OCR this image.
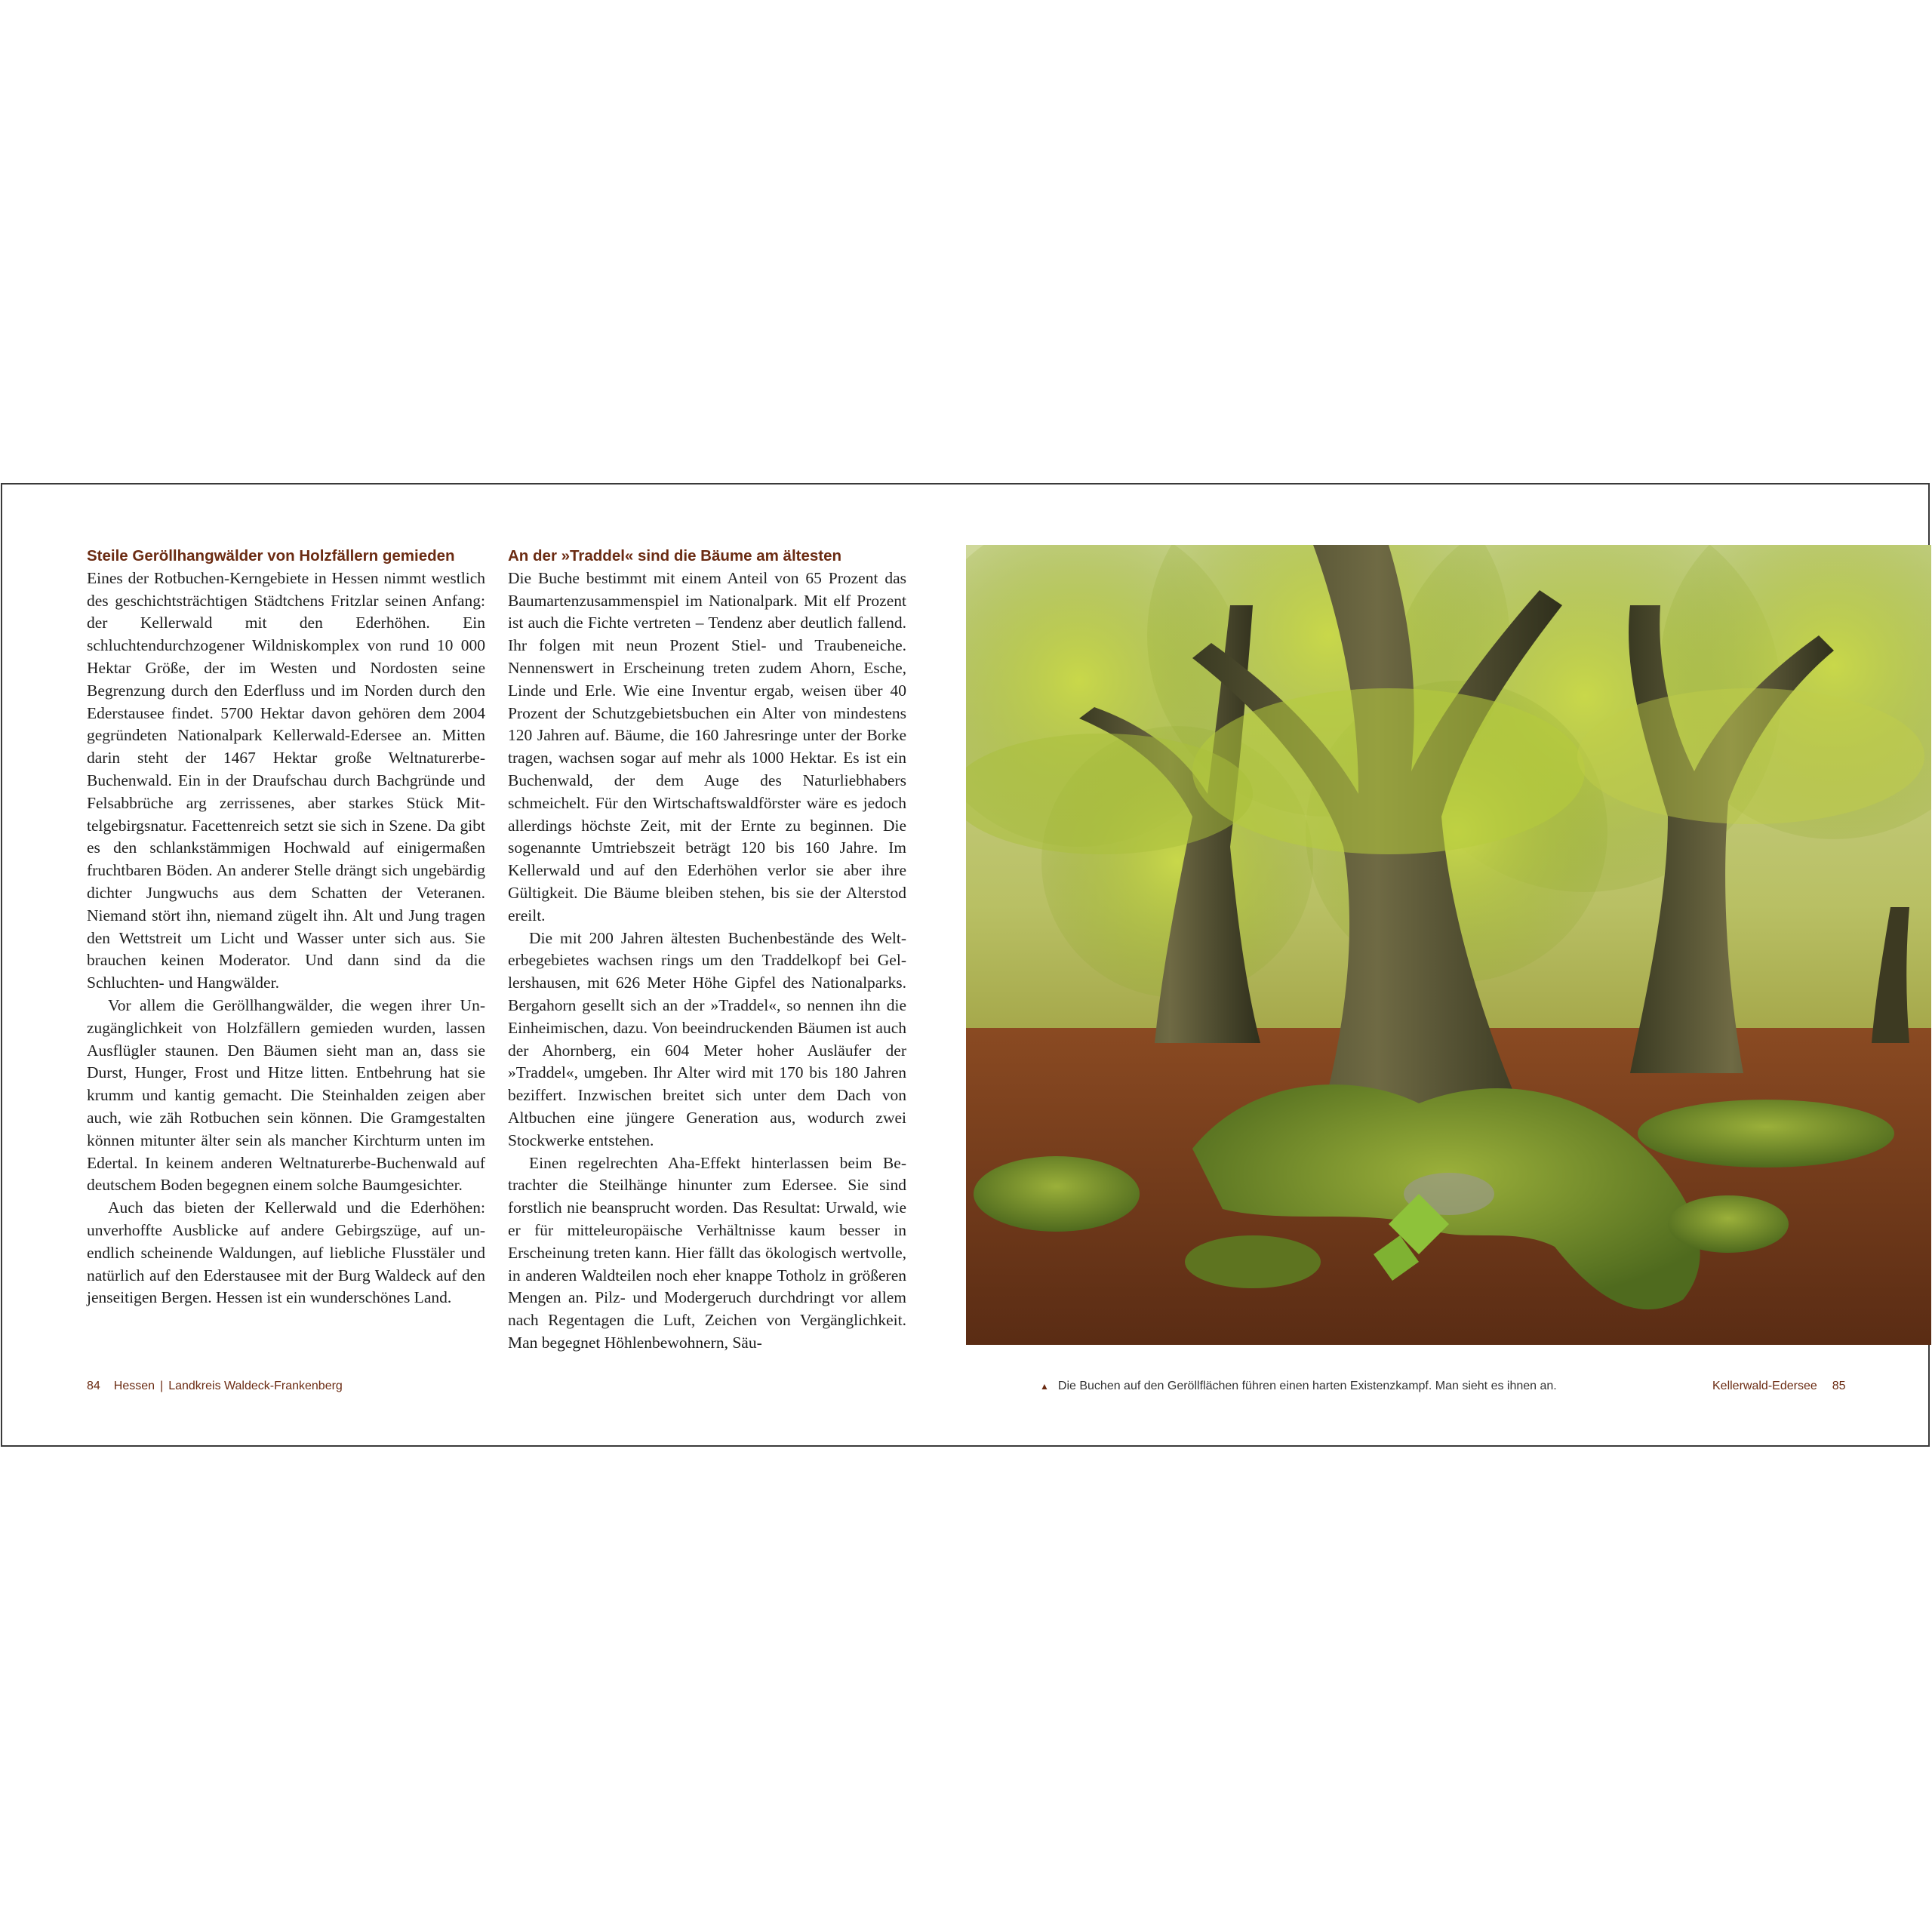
Steile Geröllhangwälder von Holzfällern gemieden

Eines der Rotbuchen-Kerngebiete in Hessen nimmt westlich des geschichtsträchtigen Städtchens Fritzlar seinen Anfang: der Kellerwald mit den Ederhöhen. Ein schluchtendurchzogener Wildniskomplex von rund 10 000 Hektar Größe, der im Westen und Nordosten seine Begrenzung durch den Ederfluss und im Norden durch den Ederstausee findet. 5700 Hektar davon gehören dem 2004 gegründeten Nationalpark Kellerwald-Edersee an. Mitten darin steht der 1467 Hektar große Weltnaturerbe-Buchenwald. Ein in der Draufschau durch Bachgründe und Felsabbrüche arg zerrissenes, aber starkes Stück Mittelgebirgsnatur. Facettenreich setzt sie sich in Szene. Da gibt es den schlankstämmigen Hochwald auf einigermaßen fruchtbaren Böden. An anderer Stelle drängt sich ungebärdig dichter Jungwuchs aus dem Schatten der Veteranen. Niemand stört ihn, niemand zügelt ihn. Alt und Jung tragen den Wettstreit um Licht und Wasser unter sich aus. Sie brauchen keinen Moderator. Und dann sind da die Schluchten- und Hangwälder.

Vor allem die Geröllhangwälder, die wegen ihrer Unzugänglichkeit von Holzfällern gemieden wurden, lassen Ausflügler staunen. Den Bäumen sieht man an, dass sie Durst, Hunger, Frost und Hitze litten. Entbehrung hat sie krumm und kantig gemacht. Die Steinhalden zeigen aber auch, wie zäh Rotbuchen sein können. Die Gramgestalten können mitunter älter sein als mancher Kirchturm unten im Edertal. In keinem anderen Weltnaturerbe-Buchenwald auf deutschem Boden begegnen einem solche Baumgesichter.

Auch das bieten der Kellerwald und die Ederhöhen: unverhoffte Ausblicke auf andere Gebirgszüge, auf unendlich scheinende Waldungen, auf liebliche Flusstäler und natürlich auf den Ederstausee mit der Burg Waldeck auf den jenseitigen Bergen. Hessen ist ein wunderschönes Land.

An der »Traddel« sind die Bäume am ältesten

Die Buche bestimmt mit einem Anteil von 65 Prozent das Baumartenzusammenspiel im Nationalpark. Mit elf Prozent ist auch die Fichte vertreten – Tendenz aber deutlich fallend. Ihr folgen mit neun Prozent Stiel- und Traubeneiche. Nennenswert in Erscheinung treten zudem Ahorn, Esche, Linde und Erle. Wie eine Inventur ergab, weisen über 40 Prozent der Schutzgebietsbuchen ein Alter von mindestens 120 Jahren auf. Bäume, die 160 Jahresringe unter der Borke tragen, wachsen sogar auf mehr als 1000 Hektar. Es ist ein Buchenwald, der dem Auge des Naturliebhabers schmeichelt. Für den Wirtschaftswaldförster wäre es jedoch allerdings höchste Zeit, mit der Ernte zu beginnen. Die sogenannte Umtriebszeit beträgt 120 bis 160 Jahre. Im Kellerwald und auf den Ederhöhen verlor sie aber ihre Gültigkeit. Die Bäume bleiben stehen, bis sie der Alterstod ereilt.

Die mit 200 Jahren ältesten Buchenbestände des Welterbegebietes wachsen rings um den Traddelkopf bei Gellershausen, mit 626 Meter Höhe Gipfel des Nationalparks. Bergahorn gesellt sich an der »Traddel«, so nennen ihn die Einheimischen, dazu. Von beeindruckenden Bäumen ist auch der Ahornberg, ein 604 Meter hoher Ausläufer der »Traddel«, umgeben. Ihr Alter wird mit 170 bis 180 Jahren beziffert. Inzwischen breitet sich unter dem Dach von Altbuchen eine jüngere Generation aus, wodurch zwei Stockwerke entstehen.

Einen regelrechten Aha-Effekt hinterlassen beim Betrachter die Steilhänge hinunter zum Edersee. Sie sind forstlich nie beansprucht worden. Das Resultat: Urwald, wie er für mitteleuropäische Verhältnisse kaum besser in Erscheinung treten kann. Hier fällt das ökologisch wertvolle, in anderen Waldteilen noch eher knappe Totholz in größeren Mengen an. Pilz- und Modergeruch durchdringt vor allem nach Regentagen die Luft, Zeichen von Vergänglichkeit. Man begegnet Höhlenbewohnern, Säu-

84 Hessen | Landkreis Waldeck-Frankenberg	▲ Die Buchen auf den Geröllflächen führen einen harten Existenzkampf. Man sieht es ihnen an.	Kellerwald-Edersee 85
